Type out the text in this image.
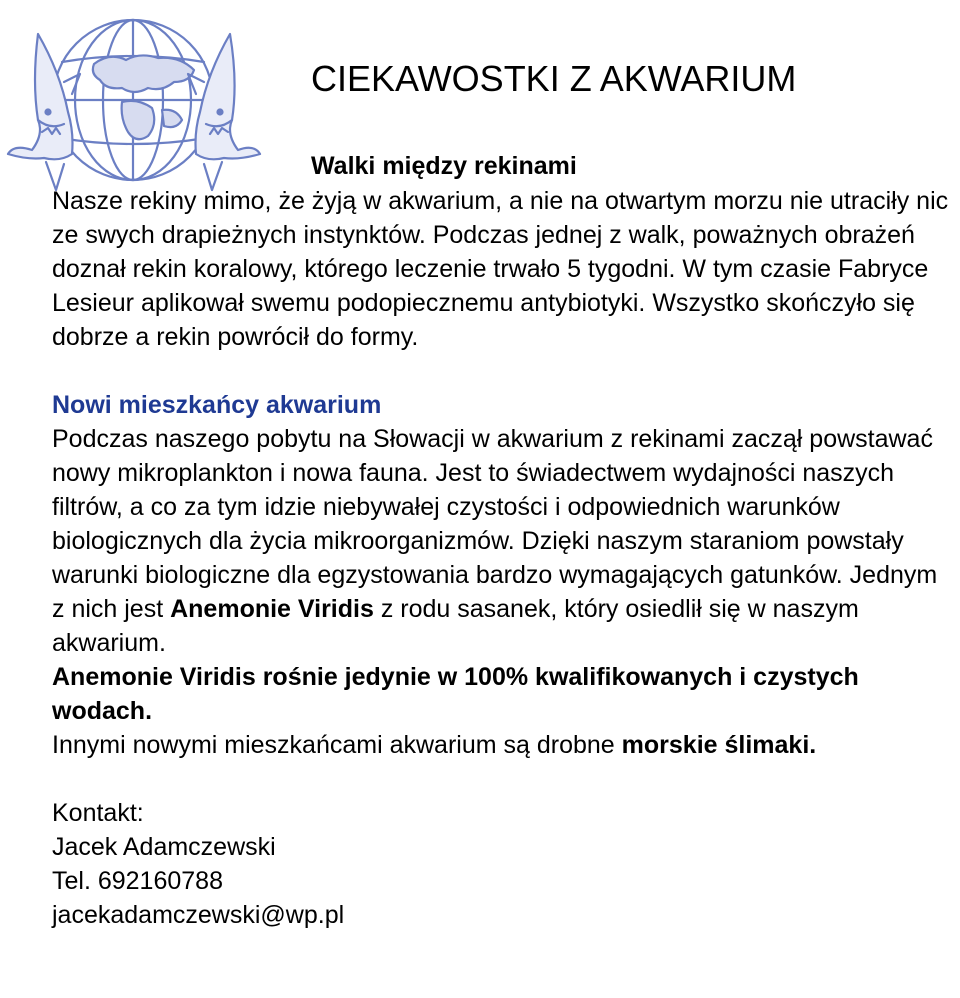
CIEKAWOSTKI Z AKWARIUM
Walki między rekinami

Nasze rekiny mimo, że żyją w akwarium, a nie na otwartym morzu nie utraciły nic ze swych drapieżnych instynktów. Podczas jednej z walk, poważnych obrażeń doznał rekin koralowy, którego leczenie trwało 5 tygodni. W tym czasie Fabryce Lesieur aplikował swemu podopiecznemu antybiotyki. Wszystko skończyło się dobrze a rekin powrócił do formy.

Nowi mieszkańcy akwarium

Podczas naszego pobytu na Słowacji w akwarium z rekinami zaczął powstawać nowy mikroplankton i nowa fauna. Jest to świadectwem wydajności naszych filtrów, a co za tym idzie niebywałej czystości i odpowiednich warunków biologicznych dla życia mikroorganizmów. Dzięki naszym staraniom powstały warunki biologiczne dla egzystowania bardzo wymagających gatunków. Jednym z nich jest Anemonie Viridis z rodu sasanek, który osiedlił się w naszym akwarium.

Anemonie Viridis rośnie jedynie w 100% kwalifikowanych i czystych wodach.

Innymi nowymi mieszkańcami akwarium są drobne morskie ślimaki.

Kontakt:
Jacek Adamczewski
Tel. 692160788
jacekadamczewski@wp.pl
